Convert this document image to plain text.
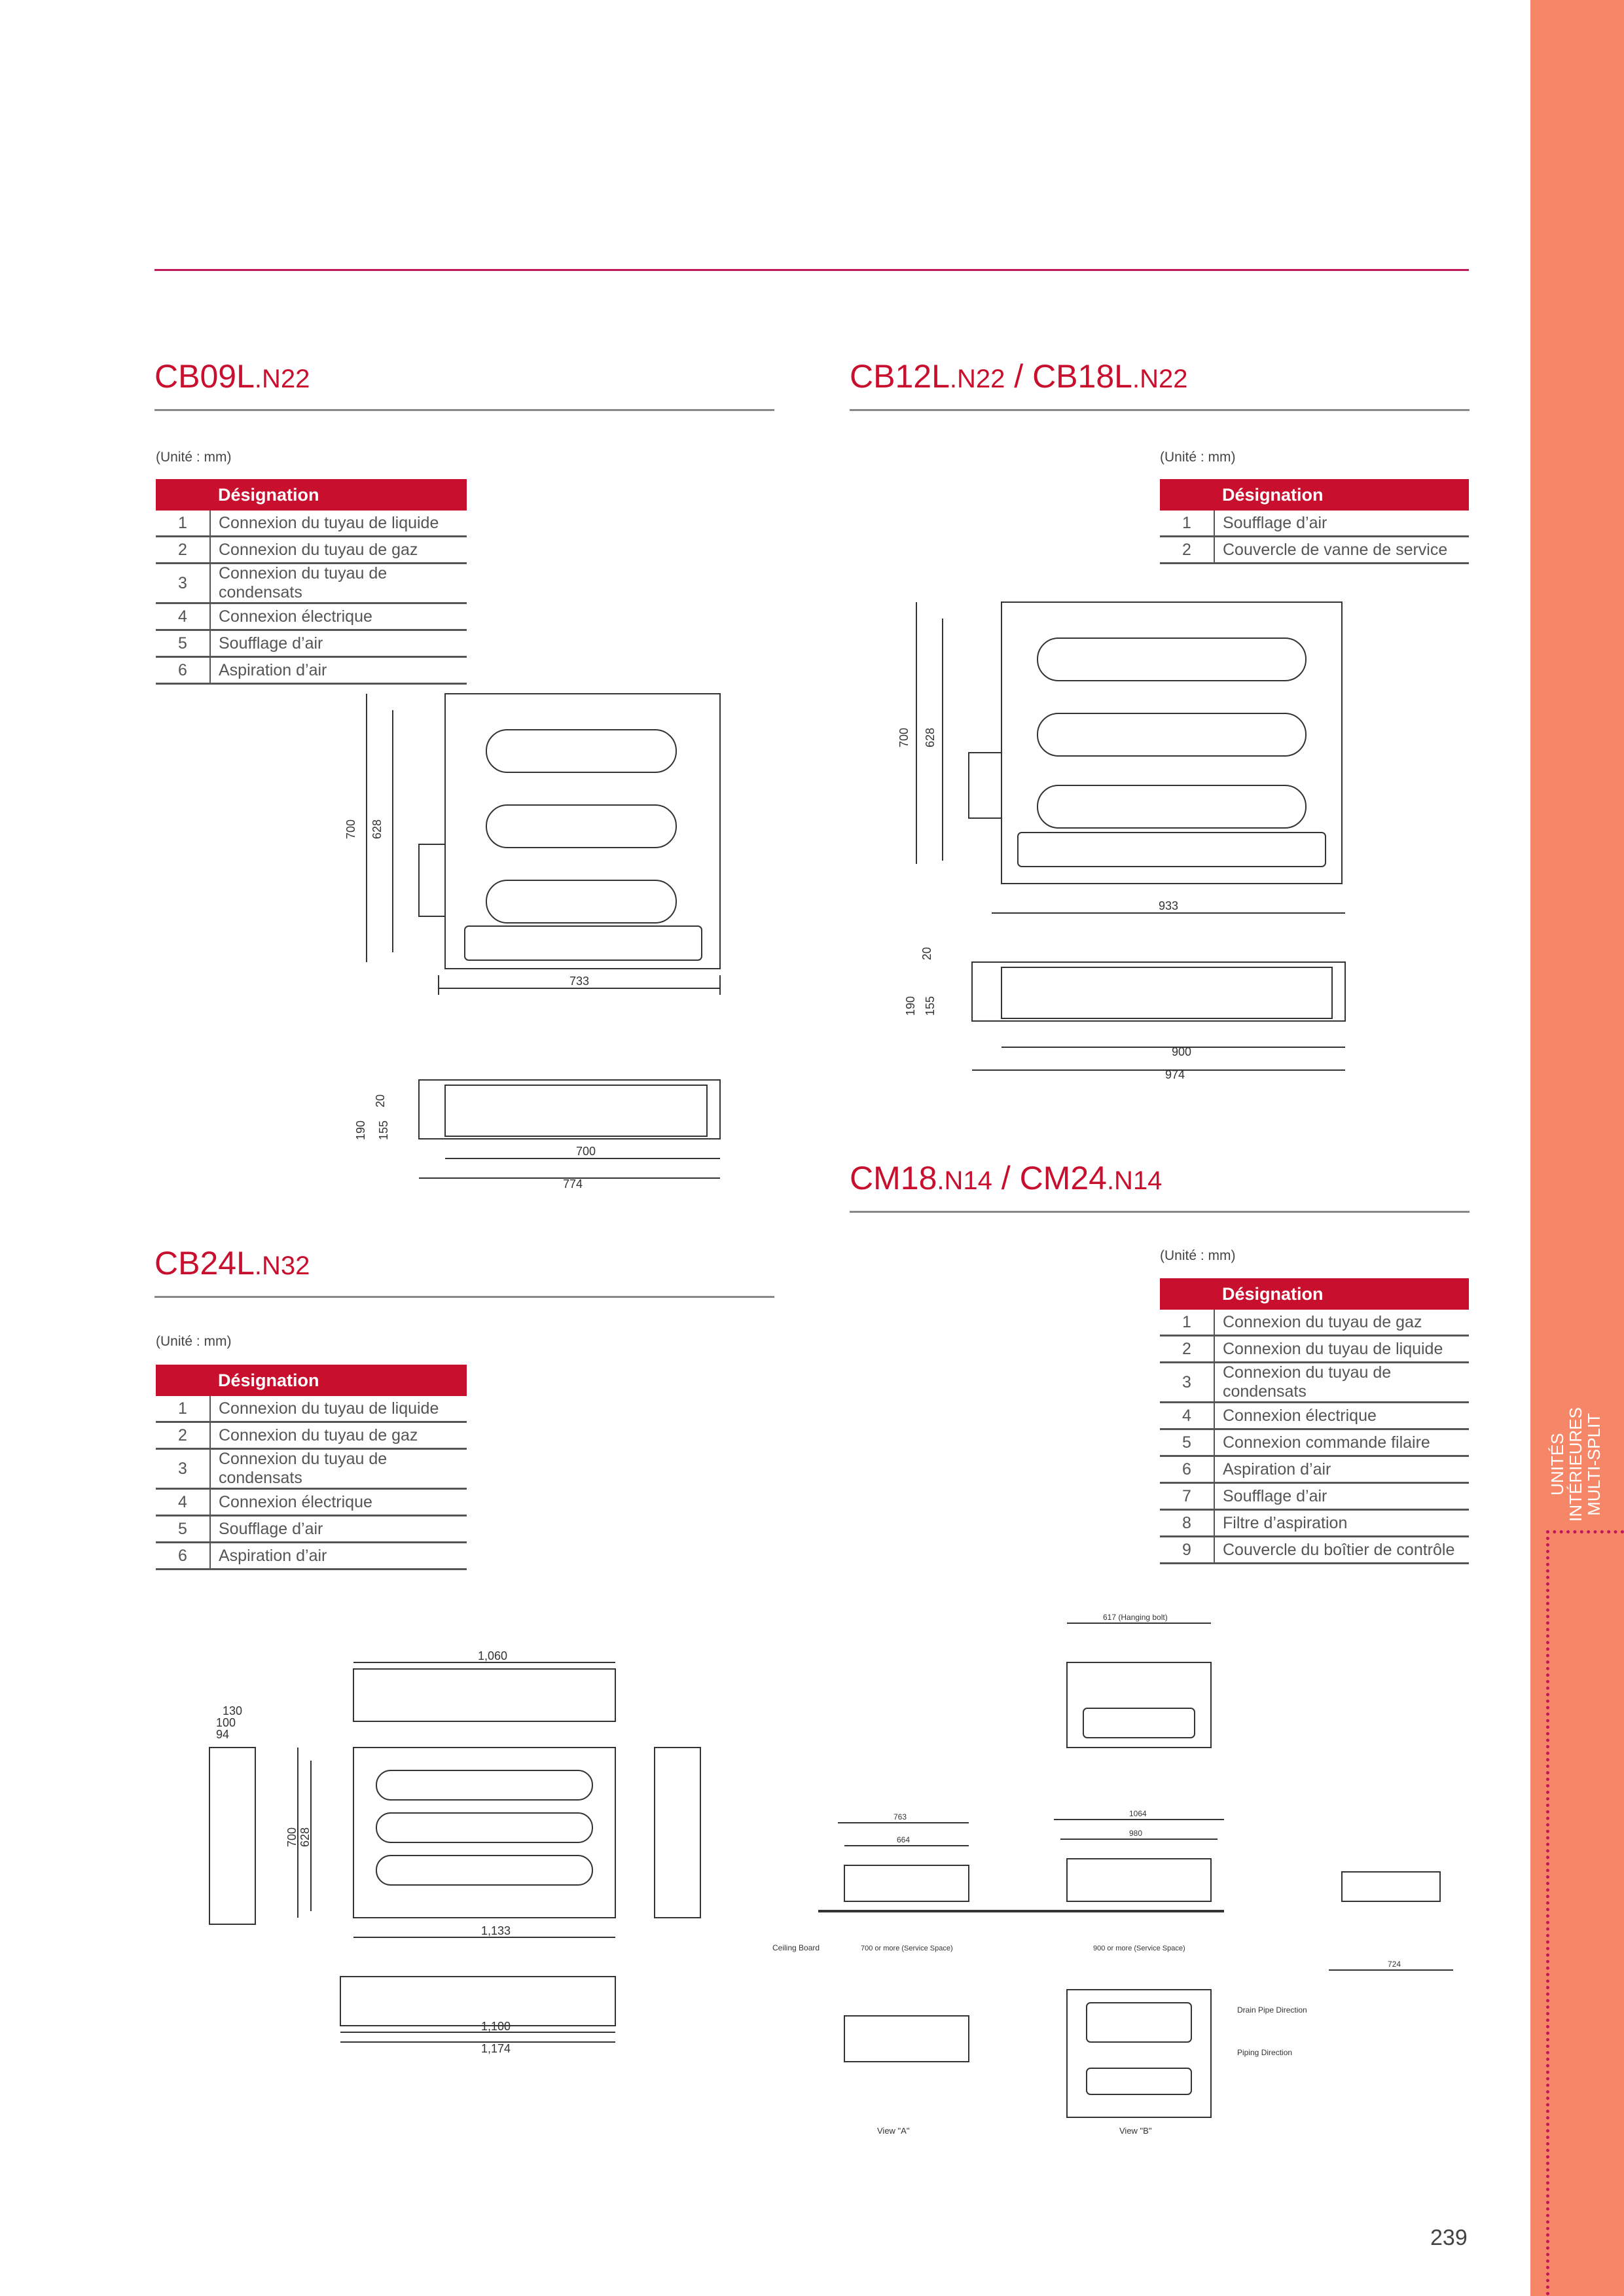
UNITÉS
INTÉRIEURES
MULTI-SPLIT
CB09L.N22
(Unité : mm)
	Désignation
1	Connexion du tuyau de liquide
2	Connexion du tuyau de gaz
3	Connexion du tuyau de condensats
4	Connexion électrique
5	Soufflage d’air
6	Aspiration d’air
700 628
733
20
190 155
700
774
CB12L.N22 / CB18L.N22
(Unité : mm)
	Désignation
1	Soufflage d’air
2	Couvercle de vanne de service
700 628
933
20
190 155
900
974
CB24L.N32
(Unité : mm)
	Désignation
1	Connexion du tuyau de liquide
2	Connexion du tuyau de gaz
3	Connexion du tuyau de condensats
4	Connexion électrique
5	Soufflage d’air
6	Aspiration d’air
1,060
130
100
94
700 628
1,133
1,100
1,174
CM18.N14 / CM24.N14
(Unité : mm)
	Désignation
1	Connexion du tuyau de gaz
2	Connexion du tuyau de liquide
3	Connexion du tuyau de condensats
4	Connexion électrique
5	Connexion commande filaire
6	Aspiration d’air
7	Soufflage d’air
8	Filtre d’aspiration
9	Couvercle du boîtier de contrôle
617 (Hanging bolt)
664
763
980
1064
Ceiling Board	700 or more (Service Space)	900 or more (Service Space)
724
View "A"	View "B"
Drain Pipe Direction
Piping Direction
239
